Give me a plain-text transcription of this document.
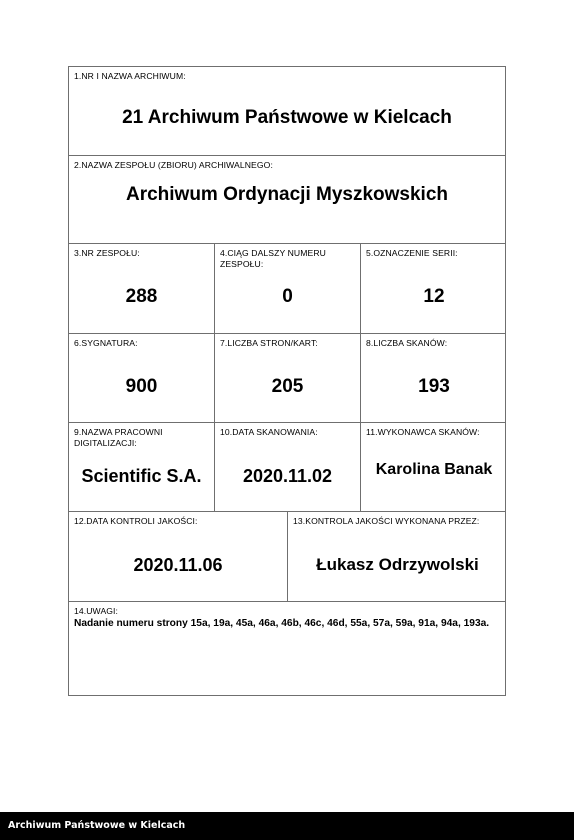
1.NR I NAZWA ARCHIWUM:
21 Archiwum Państwowe w Kielcach
2.NAZWA ZESPOŁU (ZBIORU) ARCHIWALNEGO:
Archiwum Ordynacji Myszkowskich
3.NR ZESPOŁU:
288
4.CIĄG DALSZY NUMERU ZESPOŁU:
0
5.OZNACZENIE SERII:
12
6.SYGNATURA:
900
7.LICZBA STRON/KART:
205
8.LICZBA SKANÓW:
193
9.NAZWA PRACOWNI DIGITALIZACJI:
Scientific S.A.
10.DATA SKANOWANIA:
2020.11.02
11.WYKONAWCA SKANÓW:
Karolina Banak
12.DATA KONTROLI JAKOŚCI:
2020.11.06
13.KONTROLA JAKOŚCI WYKONANA PRZEZ:
Łukasz Odrzywolski
14.UWAGI:
Nadanie numeru strony 15a, 19a, 45a, 46a, 46b, 46c, 46d, 55a, 57a, 59a, 91a, 94a, 193a.
Archiwum Państwowe w Kielcach
